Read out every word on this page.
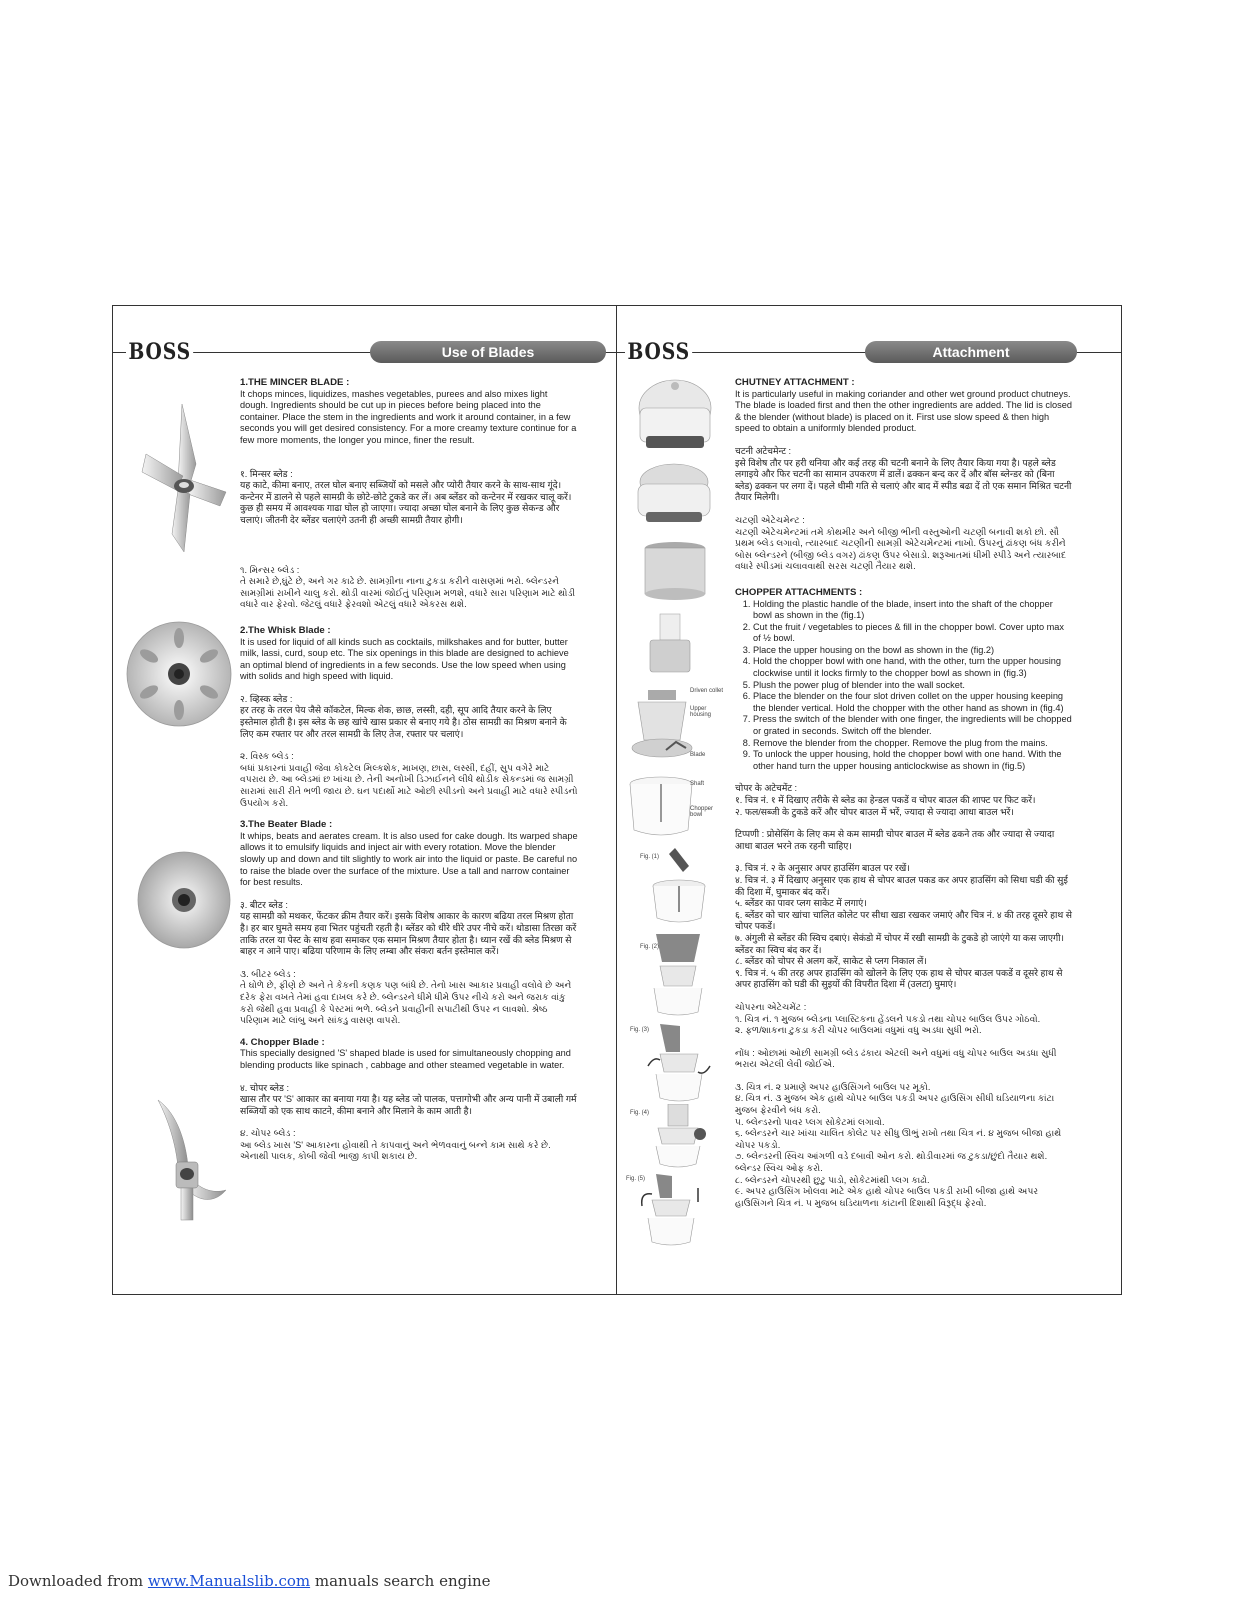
BOSS	Use of Blades	BOSS	Attachment
Driven collet
Upper housing
Blade
Shaft
Chopper bowl
Fig. (1)
Fig. (2)
Fig. (3)
Fig. (4)
Fig. (5)
1.THE MINCER BLADE :

It chops minces, liquidizes, mashes vegetables, purees and also mixes light dough. Ingredients should be cut up in pieces before being placed into the container. Place the stem in the ingredients and work it around container, in a few seconds you will get desired consistency. For a more creamy texture continue for a few more moments, the longer you mince, finer the result.

१. मिन्सर ब्लेड :

यह काटे, कीमा बनाए, तरल घोल बनाए सब्जियों को मसले और प्योरी तैयार करने के साथ-साथ गूंदे। कन्टेनर में डालने से पहले सामग्री के छोटे-छोटे टुकडे कर लें। अब ब्लेंडर को कन्टेनर में रखकर चालू करें। कुछ ही समय में आवश्यक गाढा घोल हो जाएगा। ज्यादा अच्छा घोल बनाने के लिए कुछ सेकन्ड और चलाएं। जीतनी देर ब्लेंडर चलाएंगे उतनी ही अच्छी सामग्री तैयार होगी।

૧. મિન્સર બ્લેડ :

તે સમારે છે,ઘુંટે છે, અને ગર કાઢે છે. સામગ્રીના નાના ટુકડા કરીને વાસણમાં ભરો. બ્લેન્ડરને સામગ્રીમાં રાખીને ચાલુ કરો. થોડી વારમાં જોઈતું પરિણામ મળશે, વધારે સારા પરિણામ માટે થોડી વધારે વાર ફેરવો. જેટલું વધારે ફેરવશો એટલું વધારે એકરસ થશે.

2.The Whisk Blade :

It is used for liquid of all kinds such as cocktails, milkshakes and for butter, butter milk, lassi, curd, soup etc. The six openings in this blade are designed to achieve an optimal blend of ingredients in a few seconds. Use the low speed when using with solids and high speed with liquid.

२. व्हिस्क ब्लेड :

हर तरह के तरल पेय जैसे कॉकटेल, मिल्क शेक, छाछ, लस्सी, दही, सूप आदि तैयार करने के लिए इस्तेमाल होती है। इस ब्लेड के छह खांचे खास प्रकार से बनाए गये है। ठोस सामग्री का मिश्रण बनाने के लिए कम रफ्तार पर और तरल सामग्री के लिए तेज, रफ्तार पर चलाएं।

૨. વિસ્ક બ્લેડ :

બધાં પ્રકારનાં પ્રવાહી જેવા કોકટેલ મિલ્કશેક, માખણ, છાસ, લસ્સી, દહીં, સુપ વગેરે માટે વપરાય છે. આ બ્લેડમાં છ ખાંચા છે. તેની અનોખી ડિઝાઈનને લીધે થોડીક સેકન્ડમાં જ સામગ્રી સારામાં સારી રીતે ભળી જાય છે. ઘન પદાર્થો માટે ઓછી સ્પીડનો અને પ્રવાહી માટે વધારે સ્પીડનો ઉપયોગ કરો.

3.The Beater Blade :

It whips, beats and aerates cream. It is also used for cake dough. Its warped shape allows it to emulsify liquids and inject air with every rotation. Move the blender slowly up and down and tilt slightly to work air into the liquid or paste. Be careful no to raise the blade over the surface of the mixture. Use a tall and narrow container for best results.

३. बीटर ब्लेड :

यह सामग्री को मथकर, फेंटकर क्रीम तैयार करें। इसके विशेष आकार के कारण बढिया तरल मिश्रण होता है। हर बार घुमते समय हवा भितर पहुंचती रहती है। ब्लेंडर को धीरे धीरे उपर नीचे करें। थोडासा तिरछा करें ताकि तरल या पेस्ट के साथ हवा समाकर एक समान मिश्रण तैयार होता है। ध्यान रखें की ब्लेड मिश्रण से बाहर न आने पाए। बढिया परिणाम के लिए लम्बा और संकरा बर्तन इस्तेमाल करें।

૩. બીટર બ્લેડ :

તે ઘોળે છે, ફીણે છે અને તે કેકની કણક પણ બાંધે છે. તેનો ખાસ આકાર પ્રવાહી વલોવે છે અને દરેક ફેરા વખતે તેમાં હવા દાખલ કરે છે. બ્લેન્ડરને ધીમે ધીમે ઉપર નીચે કરો અને જરાક વાંકુ કરો જેથી હવા પ્રવાહી કે પેસ્ટમાં ભળે. બ્લેડને પ્રવાહીની સપાટીથી ઉપર ન લાવશો. શ્રેષ્ઠ પરિણામ માટે લાંબુ અને સાંકડુ વાસણ વાપરો.

4. Chopper Blade :

This specially designed 'S' shaped blade is used for simultaneously chopping and blending products like spinach , cabbage and other steamed vegetable in water.

४. चोपर ब्लेड :

खास तौर पर 'S' आकार का बनाया गया है। यह ब्लेड जो पालक, पत्तागोभी और अन्य पानी में उबाली गर्म सब्जियों को एक साथ काटने, कीमा बनाने और मिलाने के काम आती है।

૪. ચોપર બ્લેડ :

આ બ્લેડ ખાસ 'S' આકારના હોવાથી તે કાપવાનું અને ભેળવવાનું બન્ને કામ સાથે કરે છે. એનાથી પાલક, કોબી જેવી ભાજી કાપી શકાય છે.

CHUTNEY ATTACHMENT :

It is particularly useful in making coriander and other wet ground product chutneys. The blade is loaded first and then the other ingredients are added. The lid is closed & the blender (without blade) is placed on it. First use slow speed & then high speed to obtain a uniformly blended product.

चटनी अटेचमेन्ट :

इसे विशेष तौर पर हरी धनिया और कई तरह की चटनी बनाने के लिए तैयार किया गया है। पहले ब्लेड लगाइये और फिर चटनी का सामान उपकरण में डालें। ढक्कन बन्द कर दें और बॉस ब्लेन्डर को (बिना ब्लेड) ढक्कन पर लगा दें। पहले धीमी गति से चलाएं और बाद में स्पीड बढा दें तो एक समान मिश्रित चटनी तैयार मिलेगी।

ચટણી એટેચમેન્ટ :

ચટણી એટેચમેન્ટમાં તમે કોથમીર અને બીજી ભીની વસ્તુઓની ચટણી બનાવી શકો છો. સૌ પ્રથમ બ્લેડ લગાવો, ત્યારબાદ ચટણીની સામગ્રી એટેચમેન્ટમાં નાખો. ઉપરનું ઢાંકણ બંધ કરીને બોસ બ્લેન્ડરને (બીજી બ્લેડ વગર) ઢાંકણ ઉપર બેસાડો. શરૂઆતમાં ધીમી સ્પીડે અને ત્યારબાદ વધારે સ્પીડમાં ચલાવવાથી સરસ ચટણી તૈયાર થશે.

CHOPPER ATTACHMENTS :
1. Holding the plastic handle of the blade, insert into the shaft of the chopper bowl as shown in the (fig.1)
2. Cut the fruit / vegetables to pieces & fill in the chopper bowl. Cover upto max of ½ bowl.
3. Place the upper housing on the bowl as shown in the (fig.2)
4. Hold the chopper bowl with one hand, with the other, turn the upper housing clockwise until it locks firmly to the chopper bowl as shown in (fig.3)
5. Plush the power plug of blender into the wall socket.
6. Place the blender on the four slot driven collet on the upper housing keeping the blender vertical. Hold the chopper with the other hand as shown in (fig.4)
7. Press the switch of the blender with one finger, the ingredients will be chopped or grated in seconds. Switch off the blender.
8. Remove the blender from the chopper. Remove the plug from the mains.
9. To unlock the upper housing, hold the chopper bowl with one hand. With the other hand turn the upper housing anticlockwise as shown in (fig.5)

चोपर के अटेचमेंट :

१. चित्र नं. १ में दिखाए तरीके से ब्लेड का हेन्डल पकडें व चोपर बाउल की शाफ्ट पर फिट करें।

२. फल/सब्जी के टुकडे करें और चोपर बाउल में भरें, ज्यादा से ज्यादा आधा बाउल भरें।

टिप्पणी : प्रोसेसिंग के लिए कम से कम सामग्री चोपर बाउल में ब्लेड ढकने तक और ज्यादा से ज्यादा आधा बाउल भरने तक रहनी चाहिए।

३. चित्र नं. २ के अनुसार अपर हाउसिंग बाउल पर रखें।

४. चित्र नं. ३ में दिखाए अनुसार एक हाथ से चोपर बाउल पकड कर अपर हाउसिंग को सिधा घडी की सुई की दिशा में, घुमाकर बंद करें।

५. ब्लेंडर का पावर प्लग साकेट में लगाएं।

६. ब्लेंडर को चार खांचा चालित कोलेट पर सीधा खडा रखकर जमाएं और चित्र नं. ४ की तरह दूसरे हाथ से चोपर पकडें।

७. अंगुली से ब्लेंडर की स्विच दबाएं। सेकंडो में चोपर में रखी सामग्री के टुकडे हो जाएंगे या कस जाएगी। ब्लेंडर का स्विच बंद कर दें।

८. ब्लेंडर को चोपर से अलग करें, साकेट से प्लग निकाल लें।

९. चित्र नं. ५ की तरह अपर हाउसिंग को खोलने के लिए एक हाथ से चोपर बाउल पकडें व दूसरे हाथ से अपर हाउसिंग को घडी की सुइयों की विपरीत दिशा में (उलटा) घुमाएं।

ચોપરના એટેચમેંટ :

૧. ચિત્ર નં. ૧ મુજબ બ્લેડના પ્લાસ્ટિકના હેંડલને પકડો તથા ચોપર બાઉલ ઉપર ગોઠવો.

૨. ફળ/શાકના ટુકડા કરી ચોપર બાઉલમાં વધુમાં વધુ અડધા સુધી ભરો.

નોંધ : ઓછામાં ઓછી સામગ્રી બ્લેડ ઢંકાય એટલી અને વધુમાં વધુ ચોપર બાઉલ અડધા સુધી ભરાય એટલી લેવી જોઈએ.

૩. ચિત્ર નં. ૨ પ્રમાણે અપર હાઉસિંગને બાઉલ પર મૂકો.

૪. ચિત્ર નં. ૩ મુજબ એક હાથે ચોપર બાઉલ પકડી અપર હાઉસિંગ સીધી ઘડિયાળના કાંટા મુજબ ફેરવીને બંધ કરો.

૫. બ્લેન્ડરનો પાવર પ્લગ સોકેટમાં લગાવો.

૬. બ્લેન્ડરને ચાર ખાંચા ચાલિત કોલેટ પર સીધુ ઊભું રાખો તથા ચિત્ર નં. ૪ મુજબ બીજા હાથે ચોપર પકડો.

૭. બ્લેન્ડરની સ્વિચ આંગળી વડે દબાવી ઓન કરો. થોડીવારમાં જ ટુકડા/છુંદો તૈયાર થશે. બ્લેન્ડર સ્વિચ ઓફ કરો.

૮. બ્લેન્ડરને ચોપરથી છુટુ પાડો, સોકેટમાંથી પ્લગ કાઢો.

૯. અપર હાઉસિંગ ખોલવા માટે એક હાથે ચોપર બાઉલ પકડી રાખી બીજા હાથે અપર હાઉસિંગને ચિત્ર નં. ૫ મુજબ ઘડિયાળના કાંટાની દિશાથી વિરૂદ્ધ ફેરવો.

Downloaded from www.Manualslib.com manuals search engine
